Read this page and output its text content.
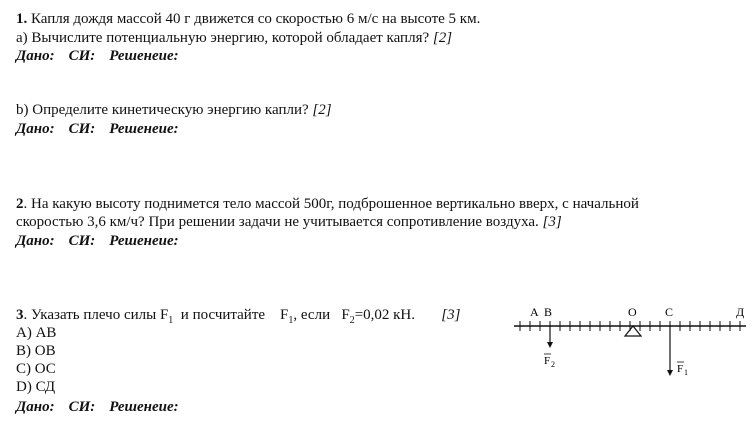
1. Капля дождя массой 40 г движется со скоростью 6 м/с на высоте 5 км.
a) Вычислите потенциальную энергию, которой обладает капля? [2]
Дано: СИ: Решенеие:
b) Определите кинетическую энергию капли? [2]
Дано: СИ: Решенеие:
2. На какую высоту поднимется тело массой 500г, подброшенное вертикально вверх, с начальной
скоростью 3,6 км/ч? При решении задачи не учитывается сопротивление воздуха. [3]
Дано: СИ: Решенеие:
3. Указать плечо силы $F_1$ и посчитайте $F_1$, если $F_2=0,02$ кН. [3]
A) АВ
B) ОВ
C) ОС
D) СД
Дано: СИ: Решенеие:
А В	О С	Д
F 2	F 1
